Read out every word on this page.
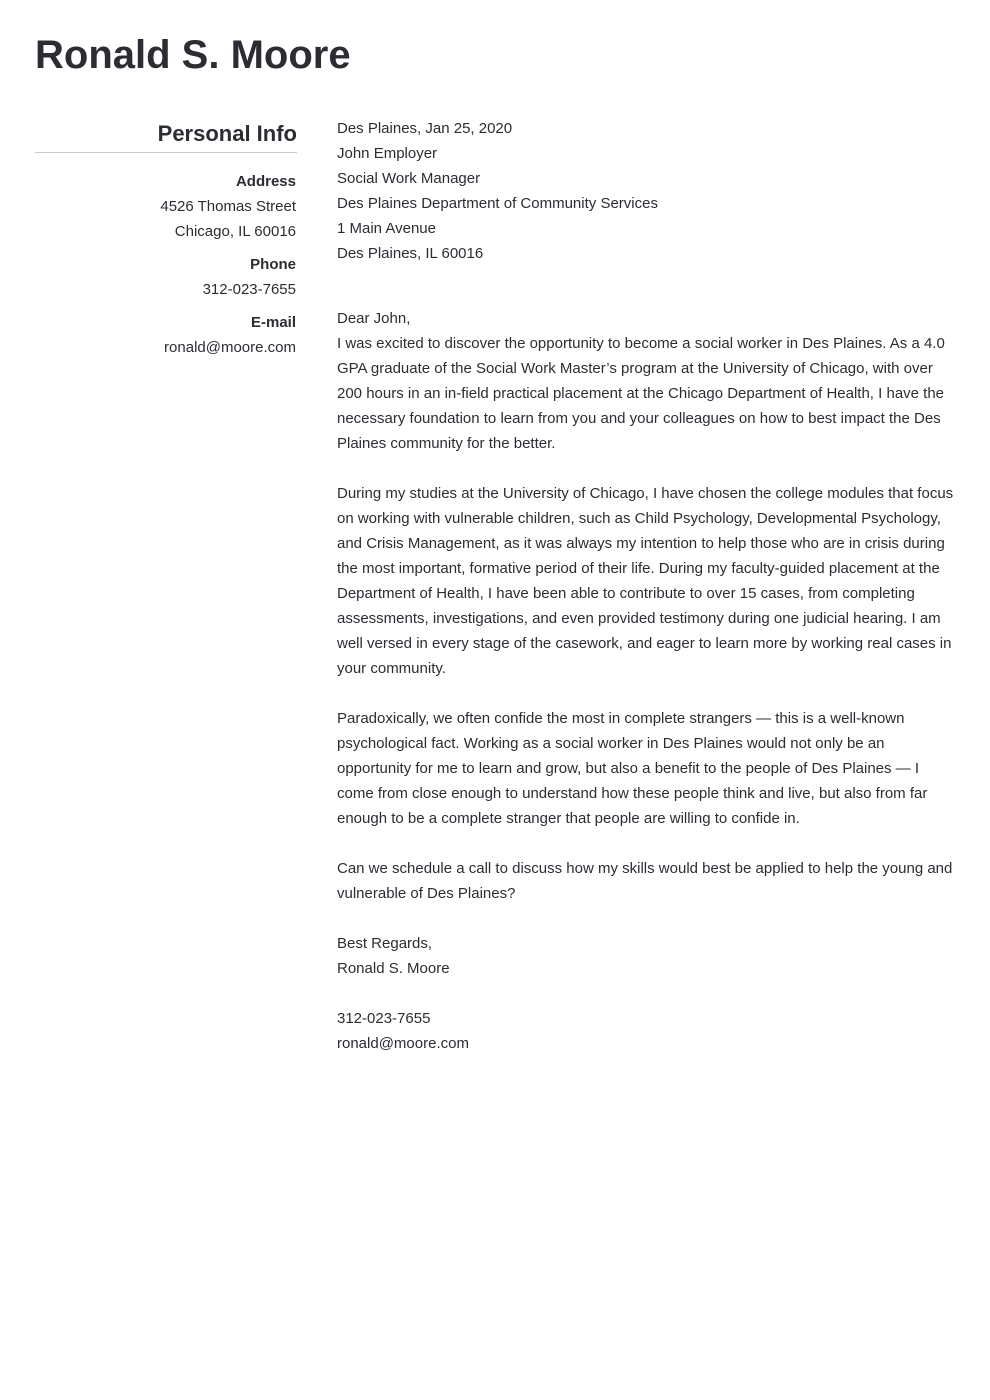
Ronald S. Moore
Personal Info
Address
4526 Thomas Street
Chicago, IL 60016
Phone
312-023-7655
E-mail
ronald@moore.com

Des Plaines, Jan 25, 2020

John Employer

Social Work Manager

Des Plaines Department of Community Services

1 Main Avenue

Des Plaines, IL 60016

Dear John,

I was excited to discover the opportunity to become a social worker in Des Plaines. As a 4.0 GPA graduate of the Social Work Master’s program at the University of Chicago, with over 200 hours in an in-field practical placement at the Chicago Department of Health, I have the necessary foundation to learn from you and your colleagues on how to best impact the Des Plaines community for the better.

During my studies at the University of Chicago, I have chosen the college modules that focus on working with vulnerable children, such as Child Psychology, Developmental Psychology, and Crisis Management, as it was always my intention to help those who are in crisis during the most important, formative period of their life. During my faculty-guided placement at the Department of Health, I have been able to contribute to over 15 cases, from completing assessments, investigations, and even provided testimony during one judicial hearing. I am well versed in every stage of the casework, and eager to learn more by working real cases in your community.

Paradoxically, we often confide the most in complete strangers — this is a well-known psychological fact. Working as a social worker in Des Plaines would not only be an opportunity for me to learn and grow, but also a benefit to the people of Des Plaines — I come from close enough to understand how these people think and live, but also from far enough to be a complete stranger that people are willing to confide in.

Can we schedule a call to discuss how my skills would best be applied to help the young and vulnerable of Des Plaines?

Best Regards,

Ronald S. Moore

312-023-7655

ronald@moore.com
